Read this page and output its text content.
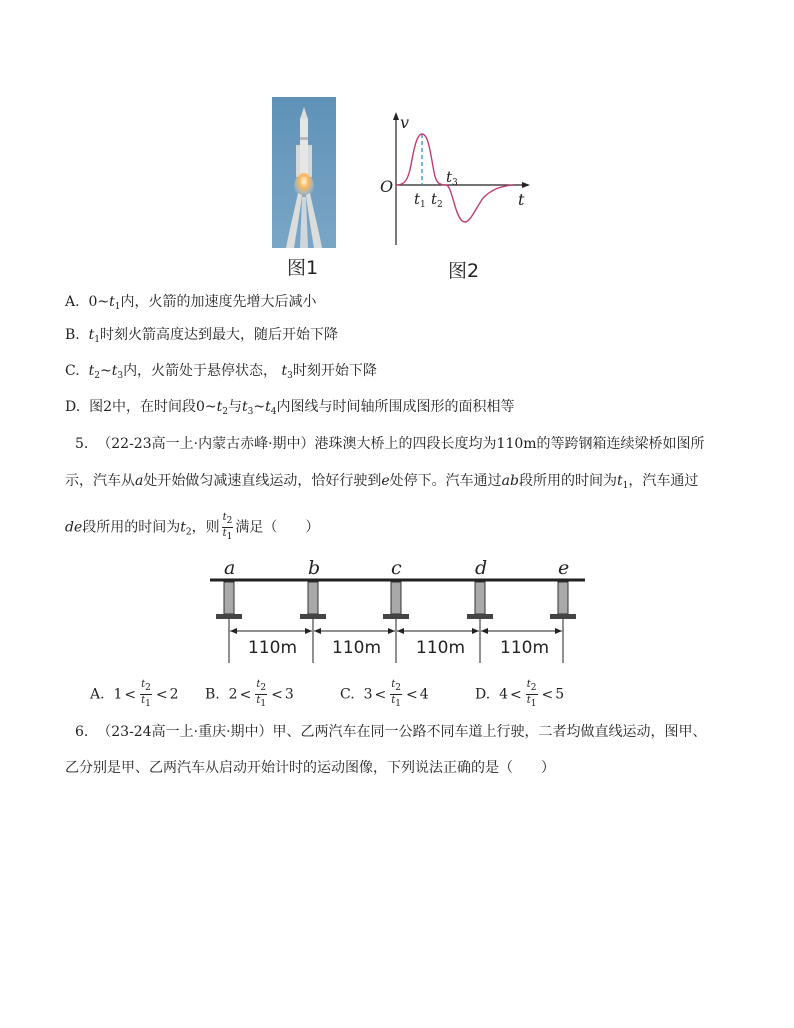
图1
v
t
O
$t_1$ $t_2$
$t_3$
图2
A. $0\sim t_1$内，火箭的加速度先增大后减小
B. $t_1$时刻火箭高度达到最大，随后开始下降
C. $t_2\sim t_3$内，火箭处于悬停状态， $t_3$时刻开始下降
D. 图2中，在时间段$0\sim t_2$与$t_3\sim t_4$内图线与时间轴所围成图形的面积相等
5. （22-23高一上·内蒙古赤峰·期中）港珠澳大桥上的四段长度均为110m的等跨钢箱连续梁桥如图所
示，汽车从a处开始做匀减速直线运动，恰好行驶到e处停下。汽车通过ab段所用的时间为$t_1$，汽车通过
de段所用的时间为$t_2$，则 $\frac{t2}{t1}$ 满足（　　）
a	b	c	d	e
110m 110m 110m 110m
A. $1 < \frac{t2}{t1} < 2$ B. $2 < \frac{t2}{t1} < 3$	C. $3 < \frac{t2}{t1} < 4$	D. $4 < \frac{t2}{t1} < 5$
6. （23-24高一上·重庆·期中）甲、乙两汽车在同一公路不同车道上行驶，二者均做直线运动，图甲、
乙分别是甲、乙两汽车从启动开始计时的运动图像，下列说法正确的是（　　）
